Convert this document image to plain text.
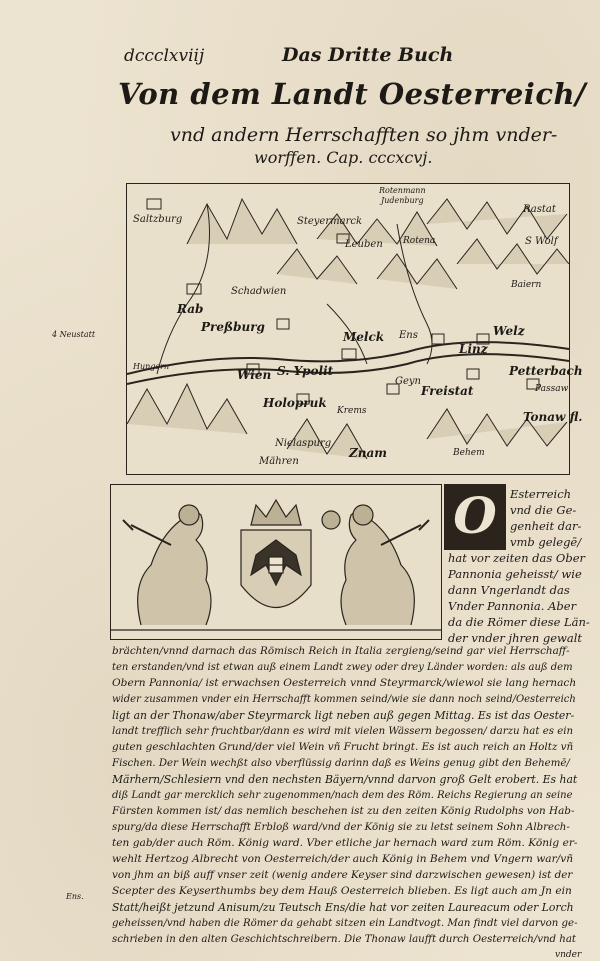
dccclxviij	Das Dritte Buch
Von dem Landt Oesterreich/
vnd andern Herrschafften so jhm vnder-
worffen. Cap. cccxcvj.
4 Neustatt
Saltzburg	Steyermarck
Rotenmann
Judenburg
Leuben Rotena
Rastat
S Wolf
Schadwien
Rab
Preßburg
Melck Ens
Baiern
Welz
Linz
Wien S. Ypolit
Geyn
Freistat
Petterbach
Passaw
Tonaw fl.
Holopruk
Krems
Nielaspurg
Znam
Mähren
Behem
Hungern
O	Esterreich
vnd die Ge-
genheit dar-
vmb gelegē/
hat vor zeiten das Ober
Pannonia geheisst/ wie
dann Vngerlandt das
Vnder Pannonia. Aber
da die Römer diese Län-
der vnder jhren gewalt
brächten/vnnd darnach das Römisch Reich in Italia zergieng/seind gar viel Herrschaff-
ten erstanden/vnd ist etwan auß einem Landt zwey oder drey Länder worden: als auß dem
Obern Pannonia/ ist erwachsen Oesterreich vnnd Steyrmarck/wiewol sie lang hernach
wider zusammen vnder ein Herrschafft kommen seind/wie sie dann noch seind/Oesterreich
ligt an der Thonaw/aber Steyrmarck ligt neben auß gegen Mittag. Es ist das Oester-
landt trefflich sehr fruchtbar/dann es wird mit vielen Wässern begossen/ darzu hat es ein
guten geschlachten Grund/der viel Wein vñ Frucht bringt. Es ist auch reich an Holtz vñ
Fischen. Der Wein wechßt also vberflüssig darinn daß es Weins genug gibt den Behemē/
Märhern/Schlesiern vnd den nechsten Bäyern/vnnd darvon groß Gelt erobert. Es hat
diß Landt gar mercklich sehr zugenommen/nach dem des Röm. Reichs Regierung an seine
Fürsten kommen ist/ das nemlich beschehen ist zu den zeiten König Rudolphs von Hab-
spurg/da diese Herrschafft Erbloß ward/vnd der König sie zu letst seinem Sohn Albrech-
ten gab/der auch Röm. König ward. Vber etliche jar hernach ward zum Röm. König er-
wehlt Hertzog Albrecht von Oesterreich/der auch König in Behem vnd Vngern war/vñ
von jhm an biß auff vnser zeit (wenig andere Keyser sind darzwischen gewesen) ist der
Scepter des Keyserthumbs bey dem Hauß Oesterreich blieben. Es ligt auch am Jn ein
Statt/heißt jetzund Anisum/zu Teutsch Ens/die hat vor zeiten Laureacum oder Lorch
geheissen/vnd haben die Römer da gehabt sitzen ein Landtvogt. Man findt viel darvon ge-
schrieben in den alten Geschichtschreibern. Die Thonaw laufft durch Oesterreich/vnd hat
Ens.
vnder
